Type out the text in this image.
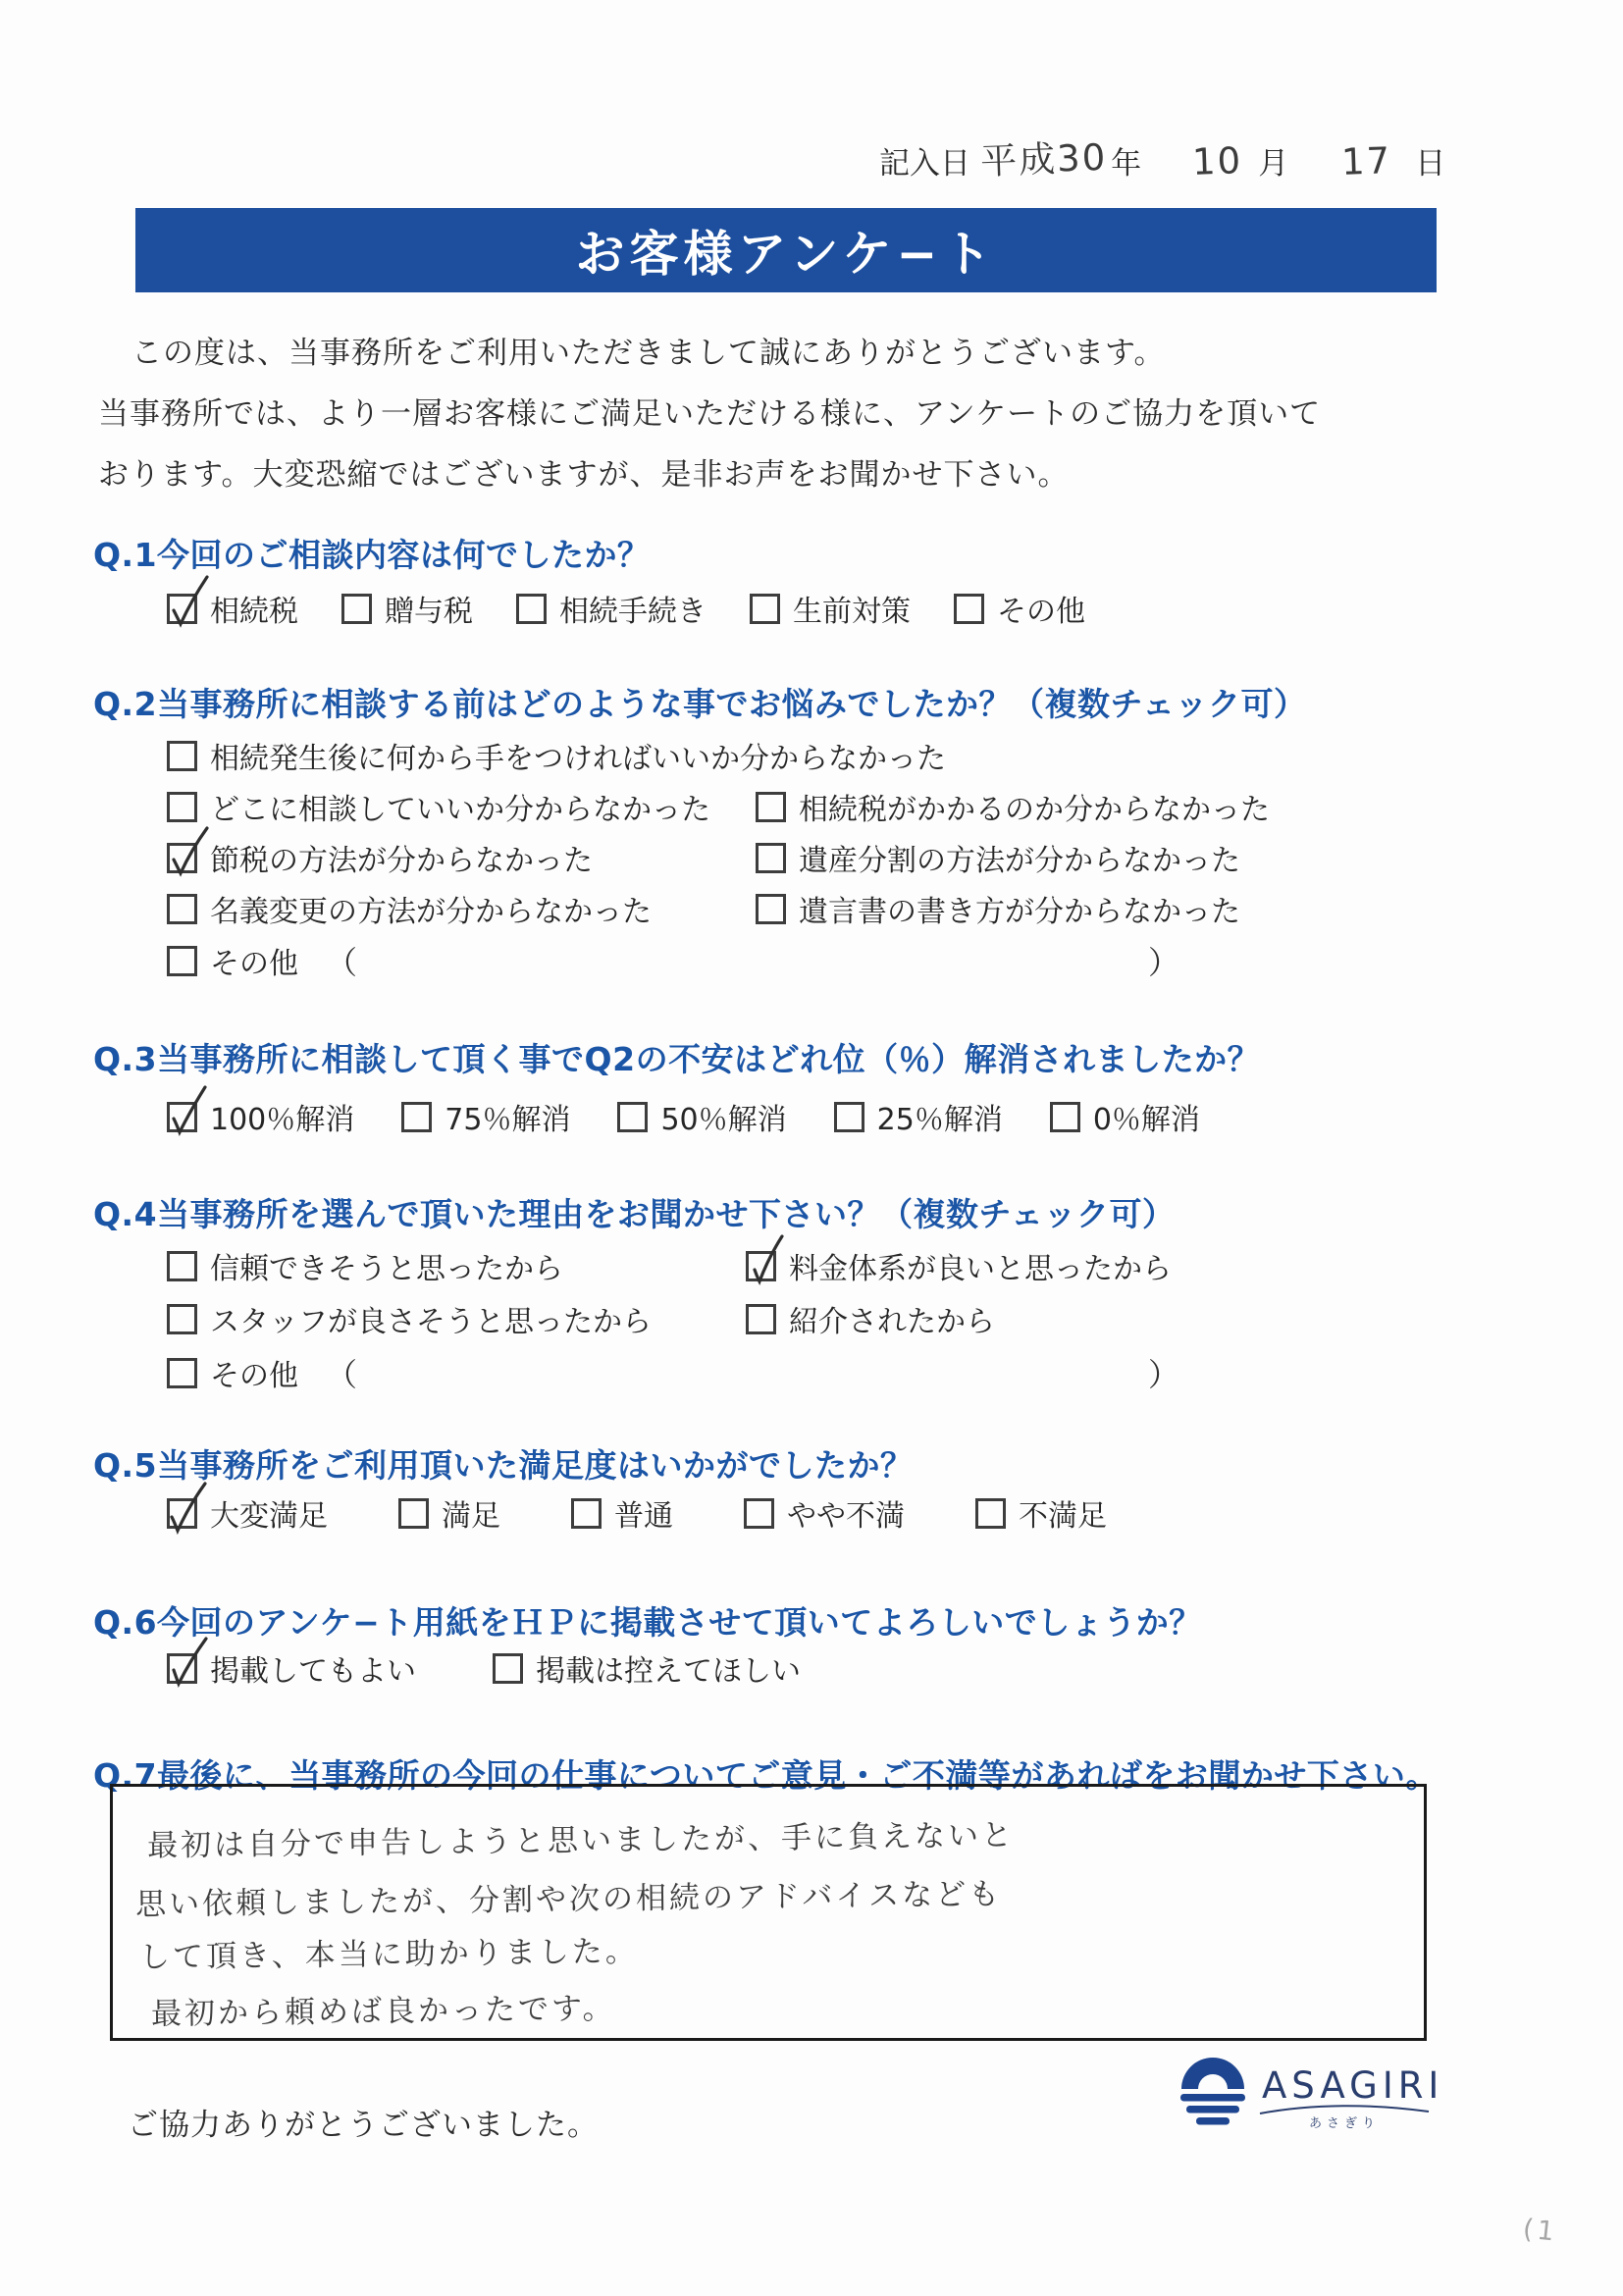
記入日 平成30 年 10 月 17 日
お客様アンケ−ト
この度は、当事務所をご利用いただきまして誠にありがとうございます。
当事務所では、より一層お客様にご満足いただける様に、アンケートのご協力を頂いて
おります。大変恐縮ではございますが、是非お声をお聞かせ下さい。
Q.1今回のご相談内容は何でしたか？
相続税	贈与税	相続手続き	生前対策	その他
Q.2当事務所に相談する前はどのような事でお悩みでしたか？（複数チェック可）
相続発生後に何から手をつければいいか分からなかった
どこに相談していいか分からなかった	相続税がかかるのか分からなかった
節税の方法が分からなかった	遺産分割の方法が分からなかった
名義変更の方法が分からなかった	遺言書の書き方が分からなかった
その他 （	）
Q.3当事務所に相談して頂く事でQ2の不安はどれ位（％）解消されましたか？
100％解消	75％解消	50％解消	25％解消	0％解消
Q.4当事務所を選んで頂いた理由をお聞かせ下さい？（複数チェック可）
信頼できそうと思ったから	料金体系が良いと思ったから
スタッフが良さそうと思ったから	紹介されたから
その他 （	）
Q.5当事務所をご利用頂いた満足度はいかがでしたか？
大変満足	満足	普通	やや不満	不満足
Q.6今回のアンケ−ト用紙をＨＰに掲載させて頂いてよろしいでしょうか？
掲載してもよい	掲載は控えてほしい
Q.7最後に、当事務所の今回の仕事についてご意見・ご不満等があればをお聞かせ下さい。
最初は自分で申告しようと思いましたが、手に負えないと
思い依頼しましたが、分割や次の相続のアドバイスなども
して頂き、本当に助かりました。
最初から頼めば良かったです。
ご協力ありがとうございました。
ASAGIRI
あさぎり
(1
